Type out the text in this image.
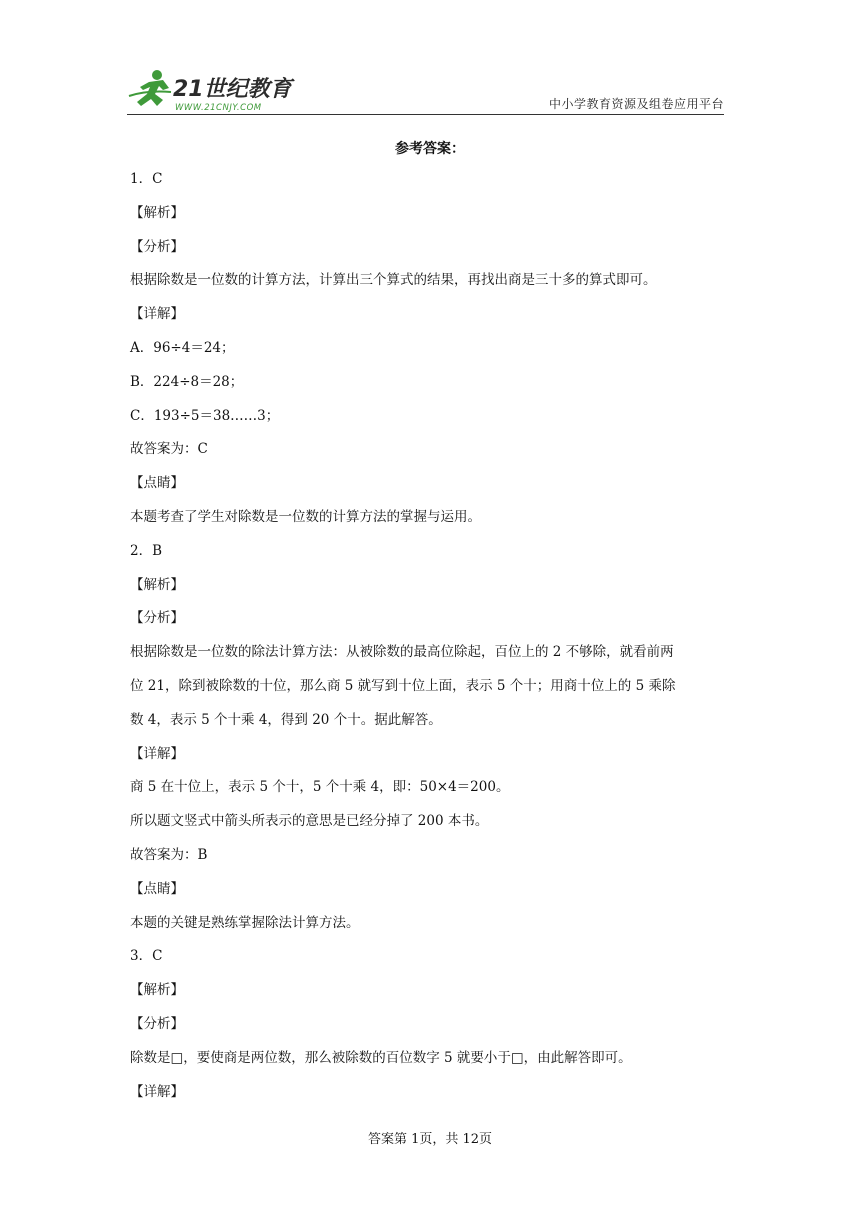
21世纪教育
WWW.21CNJY.COM	中小学教育资源及组卷应用平台
参考答案：
1．C
【解析】
【分析】
根据除数是一位数的计算方法，计算出三个算式的结果，再找出商是三十多的算式即可。
【详解】
A．96÷4＝24；
B．224÷8＝28；
C．193÷5＝38……3；
故答案为：C
【点睛】
本题考查了学生对除数是一位数的计算方法的掌握与运用。
2．B
【解析】
【分析】
根据除数是一位数的除法计算方法：从被除数的最高位除起，百位上的 2 不够除，就看前两
位 21，除到被除数的十位，那么商 5 就写到十位上面，表示 5 个十；用商十位上的 5 乘除
数 4，表示 5 个十乘 4，得到 20 个十。据此解答。
【详解】
商 5 在十位上，表示 5 个十，5 个十乘 4，即：50×4＝200。
所以题文竖式中箭头所表示的意思是已经分掉了 200 本书。
故答案为：B
【点睛】
本题的关键是熟练掌握除法计算方法。
3．C
【解析】
【分析】
除数是□，要使商是两位数，那么被除数的百位数字 5 就要小于□，由此解答即可。
【详解】
答案第 1页，共 12页
